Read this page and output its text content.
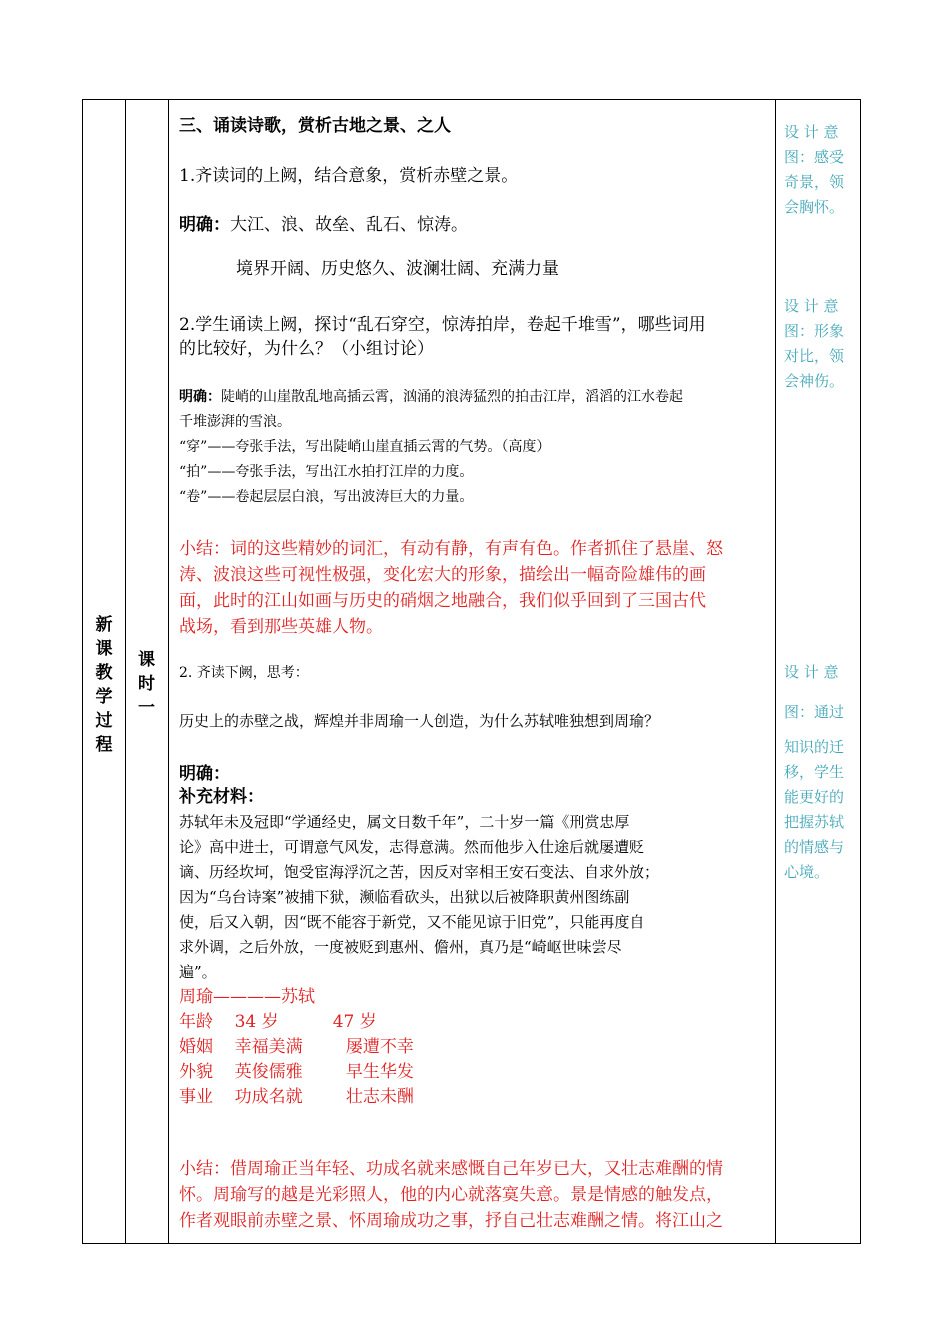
新
课
教
学
过
程
课
时
一

三、诵读诗歌，赏析古地之景、之人

1.齐读词的上阙，结合意象，赏析赤壁之景。

明确：大江、浪、故垒、乱石、惊涛。

境界开阔、历史悠久、波澜壮阔、充满力量

2.学生诵读上阙，探讨“乱石穿空，惊涛拍岸，卷起千堆雪”，哪些词用

的比较好，为什么？（小组讨论）

明确：陡峭的山崖散乱地高插云霄，汹涌的浪涛猛烈的拍击江岸，滔滔的江水卷起

千堆澎湃的雪浪。

“穿”——夸张手法，写出陡峭山崖直插云霄的气势。（高度）

“拍”——夸张手法，写出江水拍打江岸的力度。

“卷”——卷起层层白浪，写出波涛巨大的力量。

小结：词的这些精妙的词汇，有动有静，有声有色。作者抓住了悬崖、怒

涛、波浪这些可视性极强，变化宏大的形象，描绘出一幅奇险雄伟的画

面，此时的江山如画与历史的硝烟之地融合，我们似乎回到了三国古代

战场，看到那些英雄人物。

2. 齐读下阙，思考：

历史上的赤壁之战，辉煌并非周瑜一人创造，为什么苏轼唯独想到周瑜？

明确：

补充材料：

苏轼年未及冠即“学通经史，属文日数千年”，二十岁一篇《刑赏忠厚

论》高中进士，可谓意气风发，志得意满。然而他步入仕途后就屡遭贬

谪、历经坎坷，饱受宦海浮沉之苦，因反对宰相王安石变法、自求外放；

因为“乌台诗案”被捕下狱，濒临看砍头，出狱以后被降职黄州图练副

使，后又入朝，因“既不能容于新党，又不能见谅于旧党”，只能再度自

求外调，之后外放，一度被贬到惠州、儋州，真乃是“崎岖世味尝尽

遍”。

周瑜————苏轼

年龄    34 岁          47 岁

婚姻    幸福美满        屡遭不幸

外貌    英俊儒雅        早生华发

事业    功成名就        壮志未酬

小结：借周瑜正当年轻、功成名就来感慨自己年岁已大，又壮志难酬的情

怀。周瑜写的越是光彩照人，他的内心就落寞失意。景是情感的触发点，

作者观眼前赤壁之景、怀周瑜成功之事，抒自己壮志难酬之情。将江山之

设 计 意

图：感受

奇景，领

会胸怀。

设 计 意

图：形象

对比，领

会神伤。

设 计 意

图：通过

知识的迁

移，学生

能更好的

把握苏轼

的情感与

心境。
